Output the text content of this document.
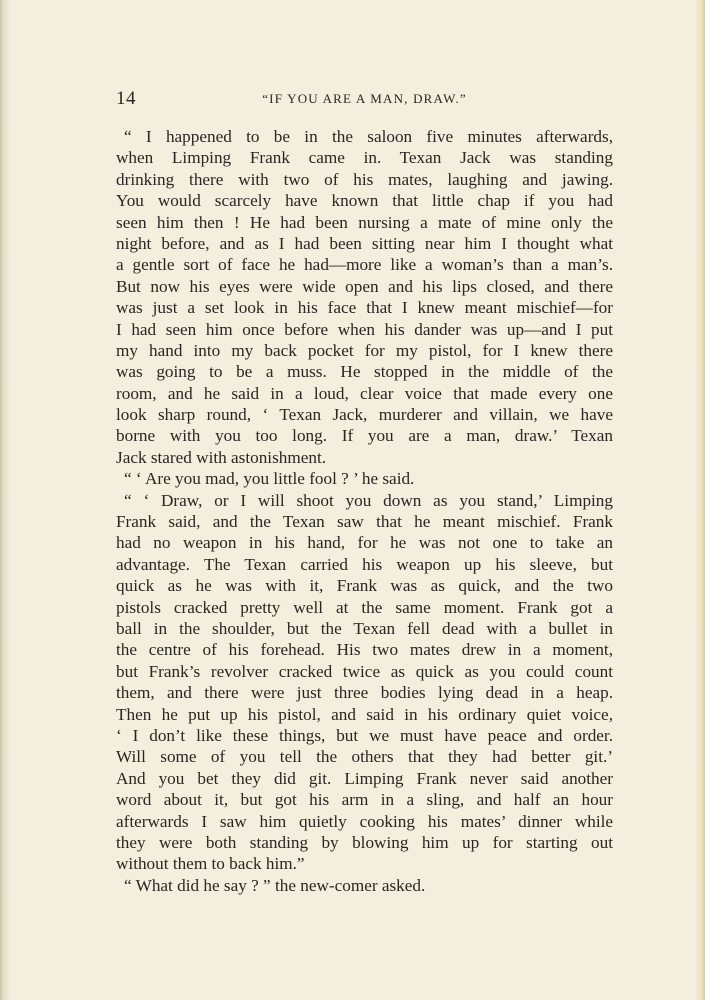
14	“IF YOU ARE A MAN, DRAW.”
“ I happened to be in the saloon five minutes afterwards,
when Limping Frank came in. Texan Jack was standing
drinking there with two of his mates, laughing and jawing.
You would scarcely have known that little chap if you had
seen him then ! He had been nursing a mate of mine only the
night before, and as I had been sitting near him I thought what
a gentle sort of face he had—more like a woman’s than a man’s.
But now his eyes were wide open and his lips closed, and there
was just a set look in his face that I knew meant mischief—for
I had seen him once before when his dander was up—and I put
my hand into my back pocket for my pistol, for I knew there
was going to be a muss. He stopped in the middle of the
room, and he said in a loud, clear voice that made every one
look sharp round, ‘ Texan Jack, murderer and villain, we have
borne with you too long. If you are a man, draw.’ Texan
Jack stared with astonishment.
“ ‘ Are you mad, you little fool ? ’ he said.
“ ‘ Draw, or I will shoot you down as you stand,’ Limping
Frank said, and the Texan saw that he meant mischief. Frank
had no weapon in his hand, for he was not one to take an
advantage. The Texan carried his weapon up his sleeve, but
quick as he was with it, Frank was as quick, and the two
pistols cracked pretty well at the same moment. Frank got a
ball in the shoulder, but the Texan fell dead with a bullet in
the centre of his forehead. His two mates drew in a moment,
but Frank’s revolver cracked twice as quick as you could count
them, and there were just three bodies lying dead in a heap.
Then he put up his pistol, and said in his ordinary quiet voice,
‘ I don’t like these things, but we must have peace and order.
Will some of you tell the others that they had better git.’
And you bet they did git. Limping Frank never said another
word about it, but got his arm in a sling, and half an hour
afterwards I saw him quietly cooking his mates’ dinner while
they were both standing by blowing him up for starting out
without them to back him.”
“ What did he say ? ” the new-comer asked.
